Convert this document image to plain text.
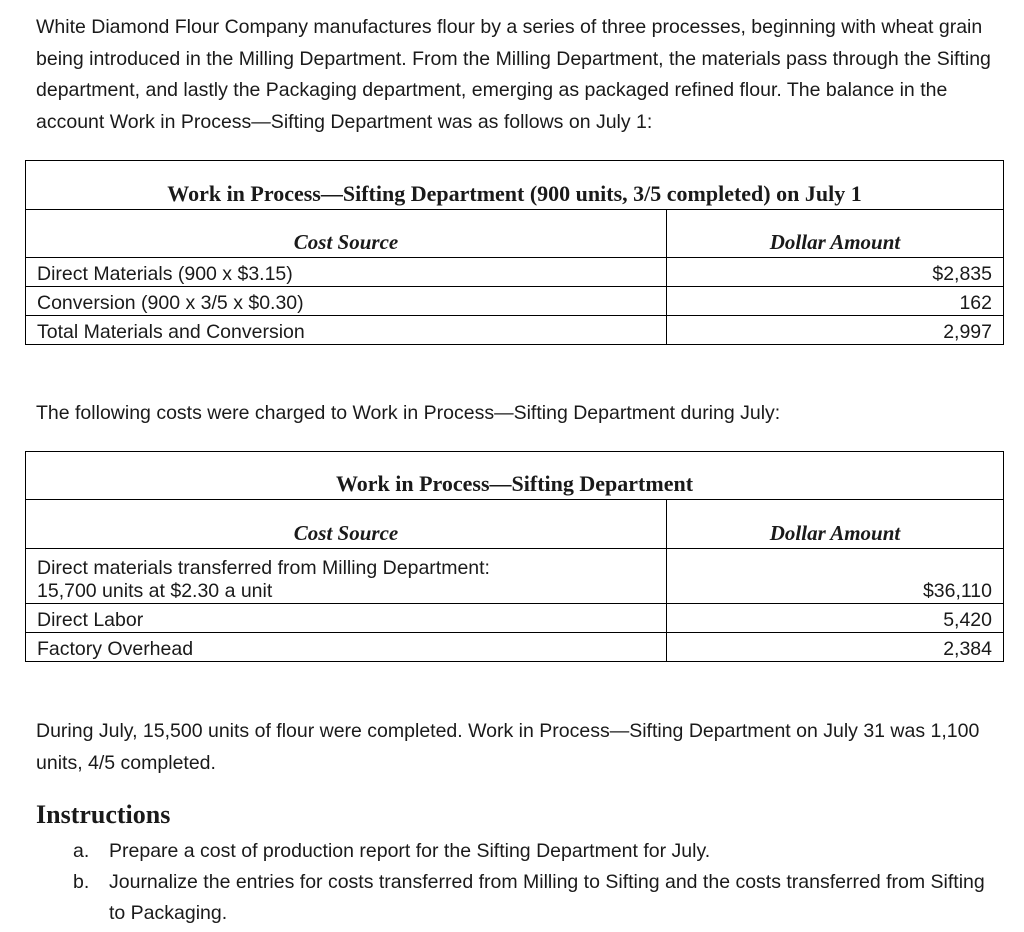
White Diamond Flour Company manufactures flour by a series of three processes, beginning with wheat grain being introduced in the Milling Department. From the Milling Department, the materials pass through the Sifting department, and lastly the Packaging department, emerging as packaged refined flour. The balance in the account Work in Process—Sifting Department was as follows on July 1:

Work in Process—Sifting Department (900 units, 3/5 completed) on July 1	
Cost Source	Dollar Amount
Direct Materials (900 x $3.15)	$2,835
Conversion (900 x 3/5 x $0.30)	162
Total Materials and Conversion	2,997

The following costs were charged to Work in Process—Sifting Department during July:

Work in Process—Sifting Department	
Cost Source	Dollar Amount

Direct materials transferred from Milling Department:
15,700 units at $2.30 a unit	$36,110
Direct Labor	5,420
Factory Overhead	2,384

During July, 15,500 units of flour were completed. Work in Process—Sifting Department on July 31 was 1,100 units, 4/5 completed.

Instructions
a.	Prepare a cost of production report for the Sifting Department for July.
b.	Journalize the entries for costs transferred from Milling to Sifting and the costs transferred from Sifting to Packaging.
